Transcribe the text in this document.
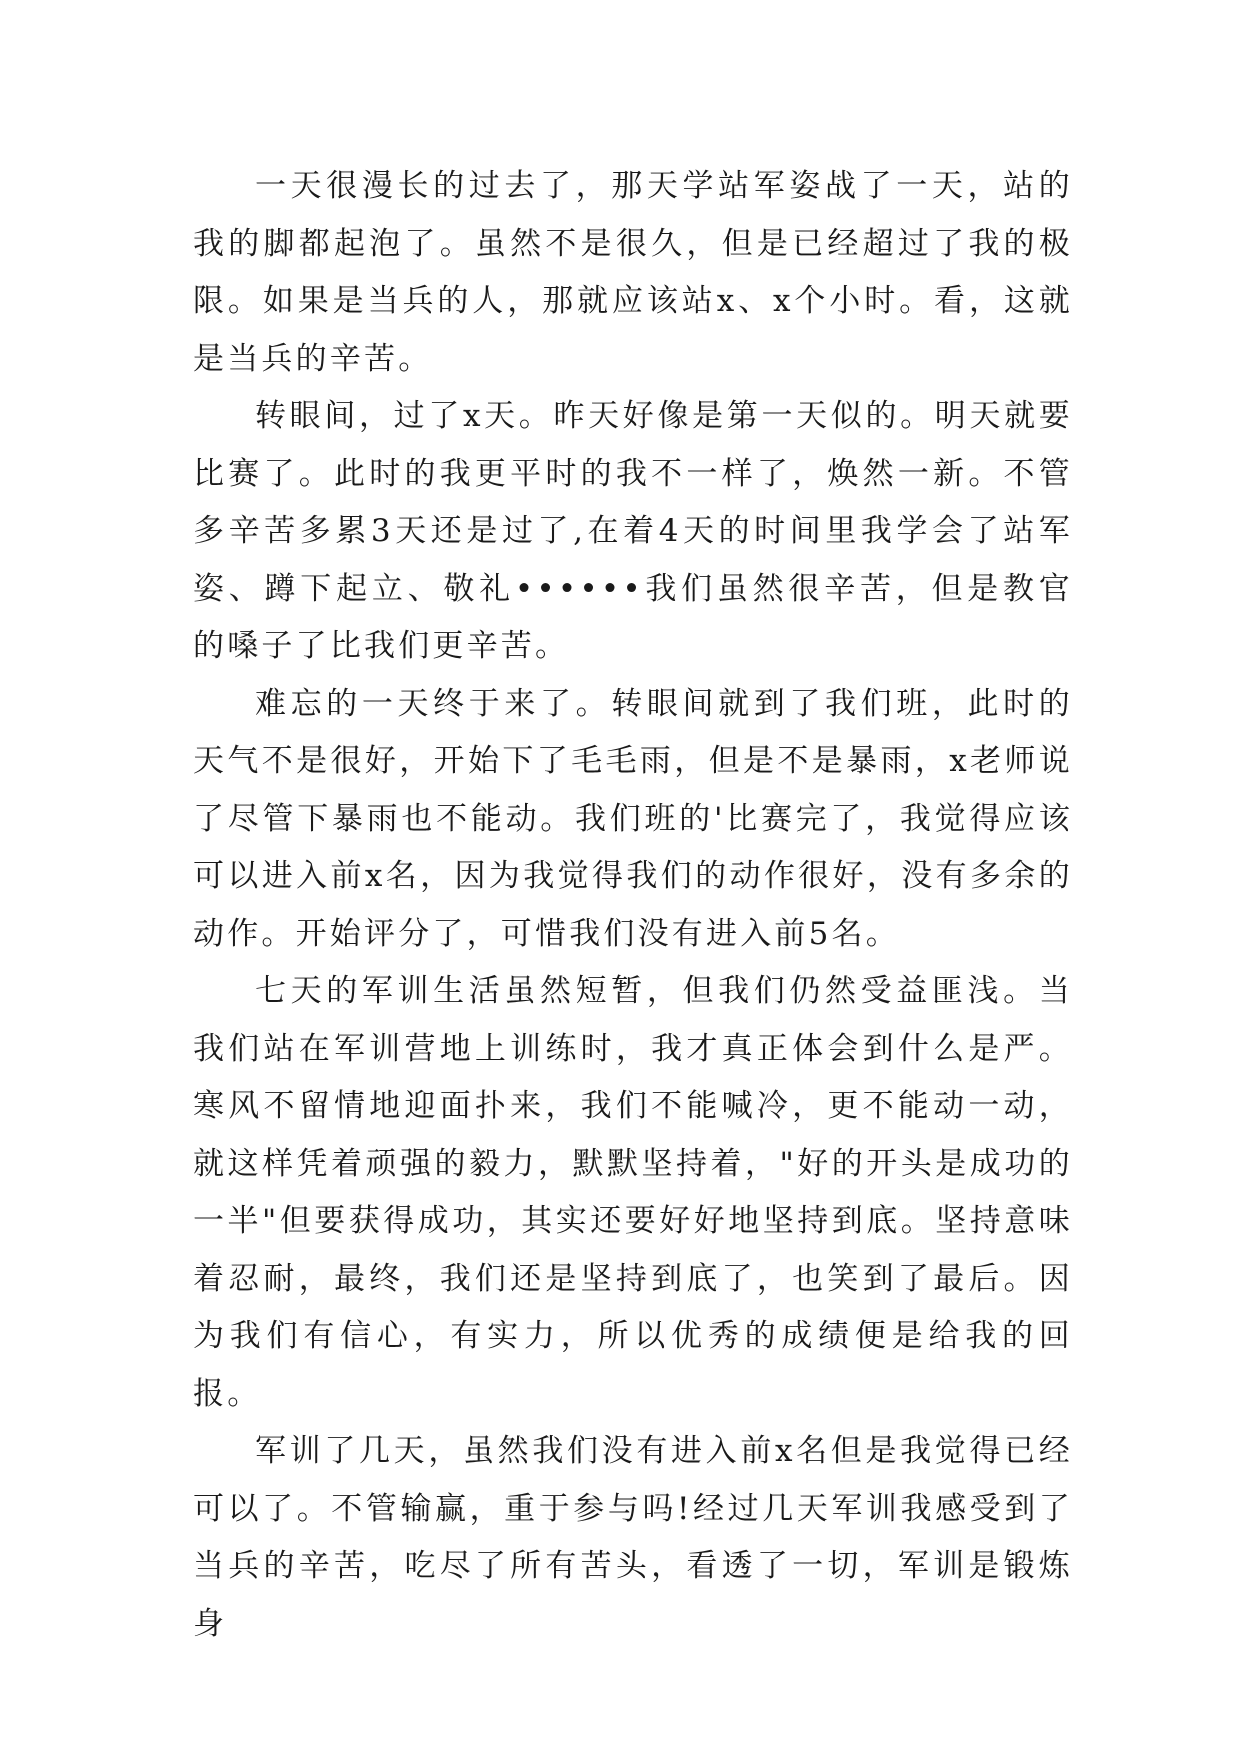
一天很漫长的过去了，那天学站军姿战了一天，站的我的脚都起泡了。虽然不是很久，但是已经超过了我的极限。如果是当兵的人，那就应该站x、x个小时。看，这就是当兵的辛苦。

转眼间，过了x天。昨天好像是第一天似的。明天就要比赛了。此时的我更平时的我不一样了，焕然一新。不管多辛苦多累3天还是过了,在着4天的时间里我学会了站军姿、蹲下起立、敬礼••••••我们虽然很辛苦，但是教官的嗓子了比我们更辛苦。

难忘的一天终于来了。转眼间就到了我们班，此时的天气不是很好，开始下了毛毛雨，但是不是暴雨，x老师说了尽管下暴雨也不能动。我们班的'比赛完了，我觉得应该可以进入前x名，因为我觉得我们的动作很好，没有多余的动作。开始评分了，可惜我们没有进入前5名。

七天的军训生活虽然短暂，但我们仍然受益匪浅。当我们站在军训营地上训练时，我才真正体会到什么是严。寒风不留情地迎面扑来，我们不能喊冷，更不能动一动，就这样凭着顽强的毅力，默默坚持着，"好的开头是成功的一半"但要获得成功，其实还要好好地坚持到底。坚持意味着忍耐，最终，我们还是坚持到底了，也笑到了最后。因为我们有信心，有实力，所以优秀的成绩便是给我的回报。

军训了几天，虽然我们没有进入前x名但是我觉得已经可以了。不管输赢，重于参与吗!经过几天军训我感受到了当兵的辛苦，吃尽了所有苦头，看透了一切，军训是锻炼身
